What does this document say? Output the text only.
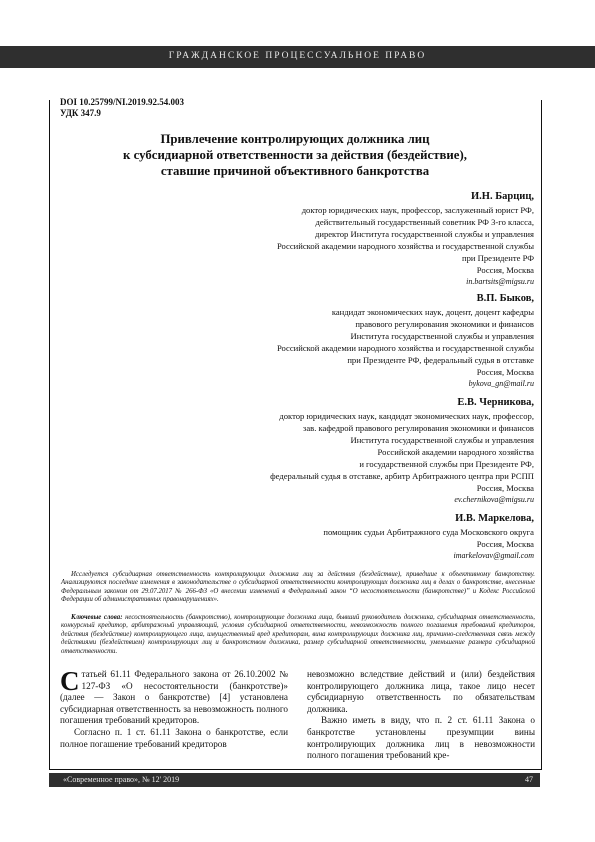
ГРАЖДАНСКОЕ ПРОЦЕССУАЛЬНОЕ ПРАВО
DOI 10.25799/NI.2019.92.54.003
УДК 347.9
Привлечение контролирующих должника лиц
к субсидиарной ответственности за действия (бездействие),
ставшие причиной объективного банкротства
И.Н. Барциц,
доктор юридических наук, профессор, заслуженный юрист РФ,
действительный государственный советник РФ 3-го класса,
директор Института государственной службы и управления
Российской академии народного хозяйства и государственной службы
при Президенте РФ
Россия, Москва
in.bartsits@migsu.ru
В.П. Быков,
кандидат экономических наук, доцент, доцент кафедры
правового регулирования экономики и финансов
Института государственной службы и управления
Российской академии народного хозяйства и государственной службы
при Президенте РФ, федеральный судья в отставке
Россия, Москва
bykova_gn@mail.ru
Е.В. Черникова,
доктор юридических наук, кандидат экономических наук, профессор,
зав. кафедрой правового регулирования экономики и финансов
Института государственной службы и управления
Российской академии народного хозяйства
и государственной службы при Президенте РФ,
федеральный судья в отставке, арбитр Арбитражного центра при РСПП
Россия, Москва
ev.chernikova@migsu.ru
И.В. Маркелова,
помощник судьи Арбитражного суда Московского округа
Россия, Москва
imarkelovav@gmail.com
Исследуется субсидиарная ответственность контролирующих должника лиц за действия (бездействие), приведшие к объективному банкротству. Анализируются последние изменения в законодательстве о субсидиарной ответственности контролирующих должника лиц в делах о банкротстве, внесенные Федеральным законом от 29.07.2017 № 266-ФЗ «О внесении изменений в Федеральный закон “О несостоятельности (банкротстве)” и Кодекс Российской Федерации об административных правонарушениях».
Ключевые слова: несостоятельность (банкротство), контролирующие должника лица, бывший руководитель должника, субсидиарная ответственность, конкурсный кредитор, арбитражный управляющий, условия субсидиарной ответственности, невозможность полного погашения требований кредиторов, действия (бездействие) контролирующего лица, имущественный вред кредиторам, вина контролирующих должника лиц, причинно-следственная связь между действиями (бездействием) контролирующих лиц и банкротством должника, размер субсидиарной ответственности, уменьшение размера субсидиарной ответственности.

Статьей 61.11 Федерального закона от 26.10.2002 № 127-ФЗ «О несостоятельности (банкротстве)» (далее — Закон о банкротстве) [4] установлена субсидиарная ответственность за невозможность полного погашения требований кредиторов.

Согласно п. 1 ст. 61.11 Закона о банкротстве, если полное погашение требований кредиторов

невозможно вследствие действий и (или) бездействия контролирующего должника лица, такое лицо несет субсидиарную ответственность по обязательствам должника.

Важно иметь в виду, что п. 2 ст. 61.11 Закона о банкротстве установлены презумпции вины контролирующих должника лиц в невозможности полного погашения требований кре-

«Современное право», № 12' 2019	47
